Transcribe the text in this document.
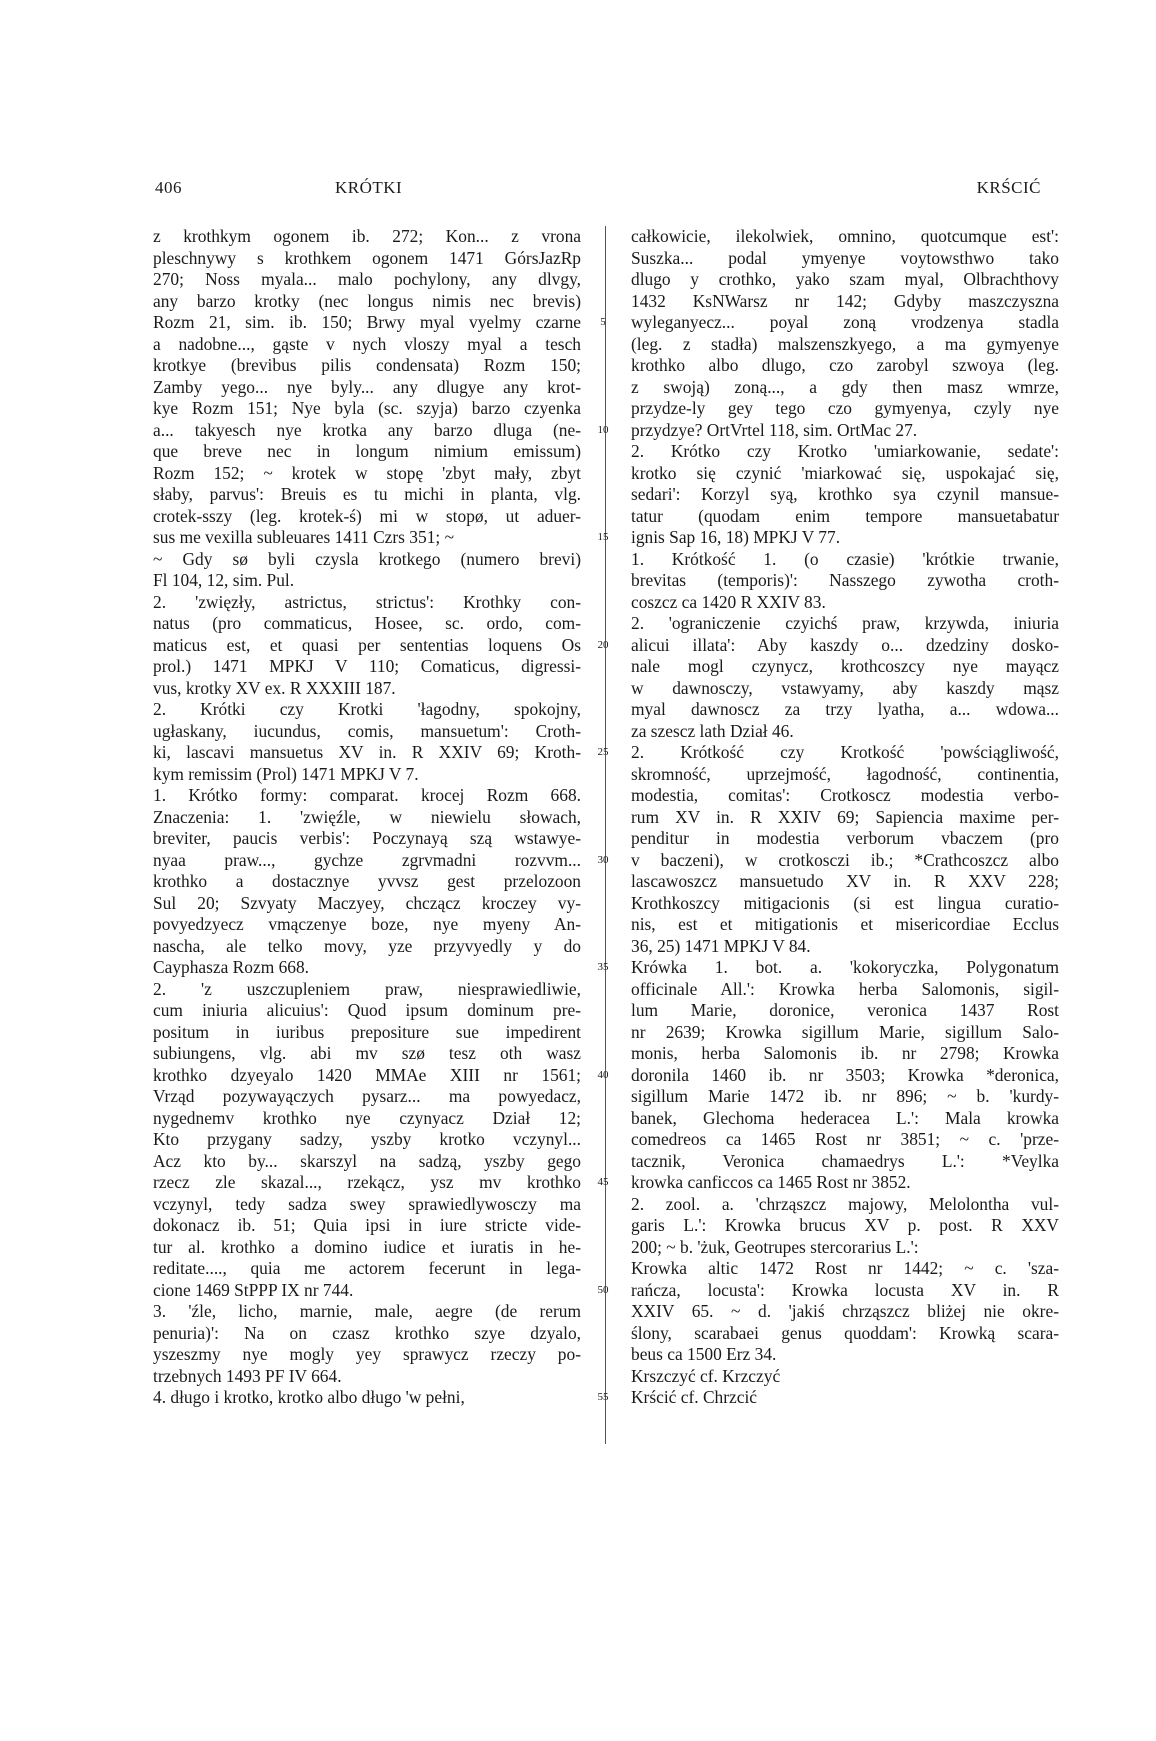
406	KRÓTKI	KRŚCIĆ
z krothkym ogonem ib. 272; Kon... z vrona
pleschnywy s krothkem ogonem 1471 GórsJazRp
270; Noss myala... malo pochylony, any dlvgy,
any barzo krotky (nec longus nimis nec brevis)
Rozm 21, sim. ib. 150; Brwy myal vyelmy czarne
a nadobne..., gąste v nych vloszy myal a tesch
krotkye (brevibus pilis condensata) Rozm 150;
Zamby yego... nye byly... any dlugye any krot-
kye Rozm 151; Nye byla (sc. szyja) barzo czyenka
a... takyesch nye krotka any barzo dluga (ne-
que breve nec in longum nimium emissum)
Rozm 152; ~ krotek w stopę 'zbyt mały, zbyt
słaby, parvus': Breuis es tu michi in planta, vlg.
crotek-sszy (leg. krotek-ś) mi w stopø, ut aduer-
sus me vexilla subleuares 1411 Czrs 351; ~
~ Gdy sø byli czysla krotkego (numero brevi)
Fl 104, 12, sim. Pul.
2. 'zwięzły, astrictus, strictus': Krothky con-
natus (pro commaticus, Hosee, sc. ordo, com-
maticus est, et quasi per sententias loquens Os
prol.) 1471 MPKJ V 110; Comaticus, digressi-
vus, krotky XV ex. R XXXIII 187.
2. Krótki czy Krotki 'łagodny, spokojny,
ugłaskany, iucundus, comis, mansuetum': Croth-
ki, lascavi mansuetus XV in. R XXIV 69; Kroth-
kym remissim (Prol) 1471 MPKJ V 7.
1. Krótko formy: comparat. krocej Rozm 668.
Znaczenia: 1. 'zwięźle, w niewielu słowach,
breviter, paucis verbis': Poczynayą szą wstawye-
nyaa praw..., gychze zgrvmadni rozvvm...
krothko a dostacznye yvvsz gest przelozoon
Sul 20; Szvyaty Maczyey, chcząсz kroczey vy-
povyedzyecz vmączenye boze, nye myeny An-
nascha, ale telko movy, yze przyvyedly y do
Cayphasza Rozm 668.
2. 'z uszczupleniem praw, niesprawiedliwie,
cum iniuria alicuius': Quod ipsum dominum pre-
positum in iuribus prepositure sue impedirent
subiungens, vlg. abi mv szø tesz oth wasz
krothko dzyeyalo 1420 MMAe XIII nr 1561;
Vrząd pozywayączych pysarz... ma powyedacz,
nygednemv krothko nye czynyacz Dział 12;
Kto przygany sadzy, yszby krotko vczynyl...
Acz kto by... skarszyl na sadzą, yszby gego
rzecz zle skazal..., rzekącz, ysz mv krothko
vczynyl, tedy sadza swey sprawiedlywosczy ma
dokonacz ib. 51; Quia ipsi in iure stricte vide-
tur al. krothko a domino iudice et iuratis in he-
reditate...., quia me actorem fecerunt in lega-
cione 1469 StPPP IX nr 744.
3. 'źle, licho, marnie, male, aegre (de rerum
penuria)': Na on czasz krothko szye dzyalo,
yszeszmy nye mogly yey sprawycz rzeczy po-
trzebnych 1493 PF IV 664.
4. długo i krotko, krotko albo długo 'w pełni,
5
10
15
20
25
30
35
40
45
50
55
całkowicie, ilekolwiek, omnino, quotcumque est':
Suszka... podal ymyenye voytowsthwo tako
dlugo y crothko, yako szam myal, Olbrachthovy
1432 KsNWarsz nr 142; Gdyby maszczyszna
wyleganyecz... poyal zoną vrodzenya stadla
(leg. z stadła) malszenszkyego, a ma gymyenye
krothko albo dlugo, czo zarobyl szwoya (leg.
z swoją) zoną..., a gdy then masz wmrze,
przydze-ly gey tego czo gymyenya, czyly nye
przydzye? OrtVrtel 118, sim. OrtMac 27.
2. Krótko czy Krotko 'umiarkowanie, sedate':
krotko się czynić 'miarkować się, uspokajać się,
sedari': Korzyl syą, krothko sya czynil mansue-
tatur (quodam enim tempore mansuetabatur
ignis Sap 16, 18) MPKJ V 77.
1. Krótkość 1. (o czasie) 'krótkie trwanie,
brevitas (temporis)': Nasszego zywotha croth-
coszcz ca 1420 R XXIV 83.
2. 'ograniczenie czyichś praw, krzywda, iniuria
alicui illata': Aby kaszdy o... dzedziny dosko-
nale mogl czynycz, krothcoszcy nye mayącz
w dawnosczy, vstawyamy, aby kaszdy mąsz
myal dawnoscz za trzy lyatha, a... wdowa...
za szescz lath Dział 46.
2. Krótkość czy Krotkość 'powściągliwość,
skromność, uprzejmość, łagodność, continentia,
modestia, comitas': Crotkoscz modestia verbo-
rum XV in. R XXIV 69; Sapiencia maxime per-
penditur in modestia verborum vbaczem (pro
v baczeni), w crotkosczi ib.; *Crathcoszcz albo
lascawoszcz mansuetudo XV in. R XXV 228;
Krothkoszcy mitigacionis (si est lingua curatio-
nis, est et mitigationis et misericordiae Ecclus
36, 25) 1471 MPKJ V 84.
Krówka 1. bot. a. 'kokoryczka, Polygonatum
officinale All.': Krowka herba Salomonis, sigil-
lum Marie, doronice, veronica 1437 Rost
nr 2639; Krowka sigillum Marie, sigillum Salo-
monis, herba Salomonis ib. nr 2798; Krowka
doronila 1460 ib. nr 3503; Krowka *deronica,
sigillum Marie 1472 ib. nr 896; ~ b. 'kurdy-
banek, Glechoma hederacea L.': Mala krowka
comedreos ca 1465 Rost nr 3851; ~ c. 'prze-
tacznik, Veronica chamaedrys L.': *Veylka
krowka canficcos ca 1465 Rost nr 3852.
2. zool. a. 'chrząszcz majowy, Melolontha vul-
garis L.': Krowka brucus XV p. post. R XXV
200; ~ b. 'żuk, Geotrupes stercorarius L.':
Krowka altic 1472 Rost nr 1442; ~ c. 'sza-
rańcza, locusta': Krowka locusta XV in. R
XXIV 65. ~ d. 'jakiś chrząszcz bliżej nie okre-
ślony, scarabaei genus quoddam': Krowką scara-
beus ca 1500 Erz 34.
Krszczyć cf. Krzczyć
Krścić cf. Chrzcić
